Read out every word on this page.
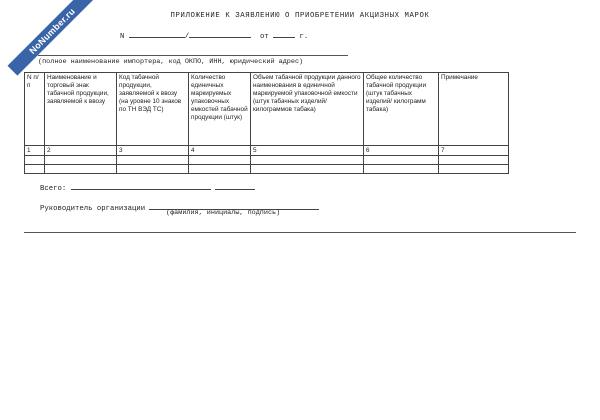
NoNumber.ru	ПРИЛОЖЕНИЕ К ЗАЯВЛЕНИЮ О ПРИОБРЕТЕНИИ АКЦИЗНЫХ МАРОК
N	/	от	г.
(полное наименование импортера, код ОКПО, ИНН, юридический адрес)
N п/п	Наименование и торговый знак табачной продукции, заявляемой к ввозу	Код табачной продукции, заявляемой к ввозу (на уровне 10 знаков по ТН ВЭД ТС)	Количество единичных маркируемых упаковочных емкостей табачной продукции (штук)	Объем табачной продукции данного наименования в единичной маркируемой упаковочной емкости (штук табачных изделий/килограммов табака)	Общее количество табачной продукции (штук табачных изделий/ килограмм табака)	Примечание
1	2	3	4	5	6	7

Всего:
Руководитель организации	(фамилия, инициалы, подпись)
